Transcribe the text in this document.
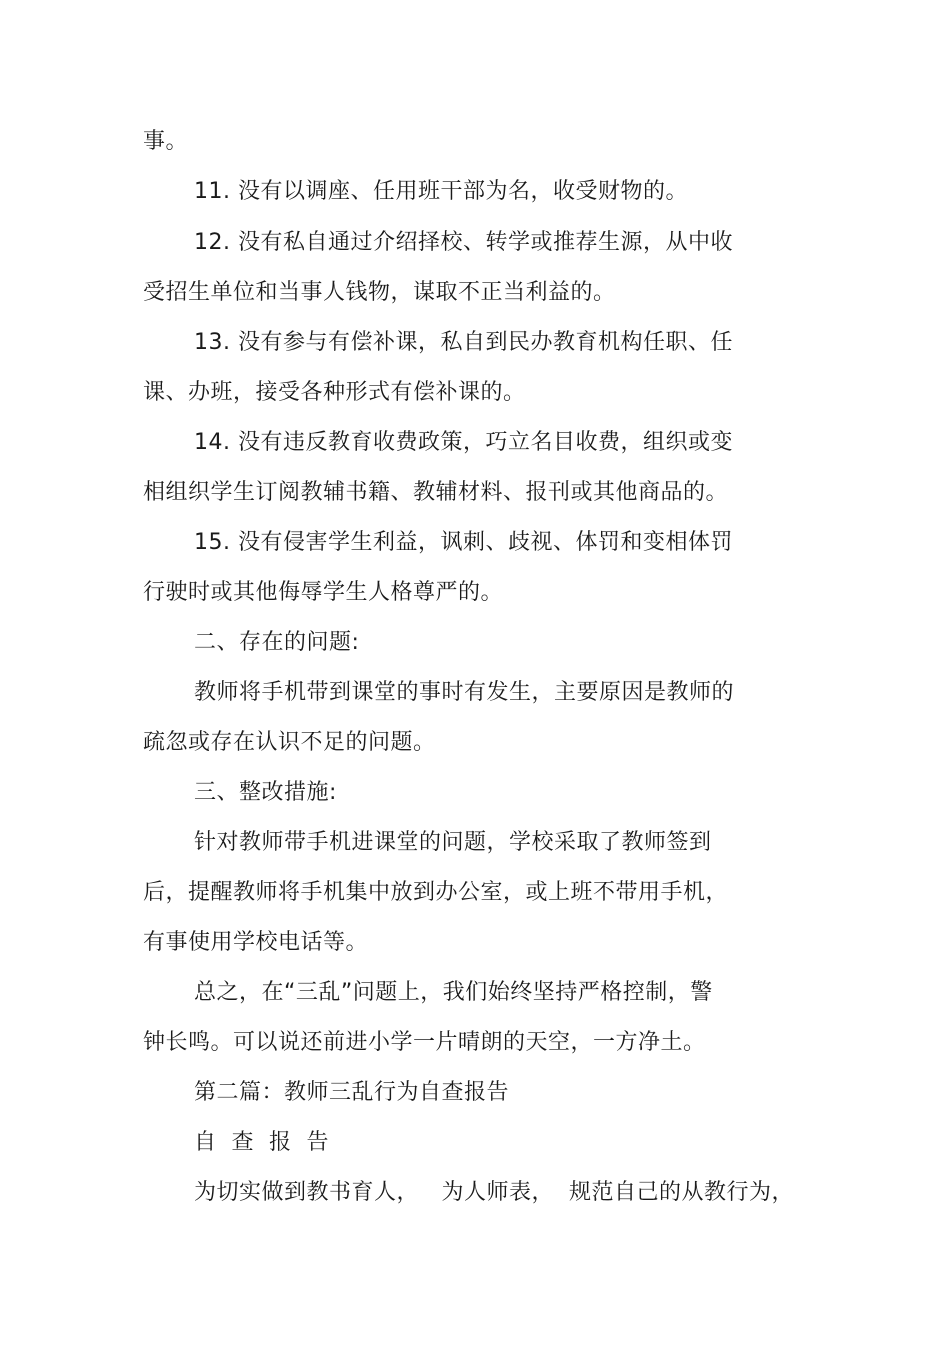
事。
11. 没有以调座、任用班干部为名，收受财物的。
12. 没有私自通过介绍择校、转学或推荐生源，从中收
受招生单位和当事人钱物，谋取不正当利益的。
13. 没有参与有偿补课，私自到民办教育机构任职、任
课、办班，接受各种形式有偿补课的。
14. 没有违反教育收费政策，巧立名目收费，组织或变
相组织学生订阅教辅书籍、教辅材料、报刊或其他商品的。
15. 没有侵害学生利益，讽刺、歧视、体罚和变相体罚
行驶时或其他侮辱学生人格尊严的。
二、存在的问题:
教师将手机带到课堂的事时有发生，主要原因是教师的
疏忽或存在认识不足的问题。
三、整改措施:
针对教师带手机进课堂的问题，学校采取了教师签到
后，提醒教师将手机集中放到办公室，或上班不带用手机，
有事使用学校电话等。
总之，在“三乱”问题上，我们始终坚持严格控制，警
钟长鸣。可以说还前进小学一片晴朗的天空，一方净土。
第二篇：教师三乱行为自查报告
自  查  报  告
为切实做到教书育人，   为人师表，  规范自己的从教行为，
